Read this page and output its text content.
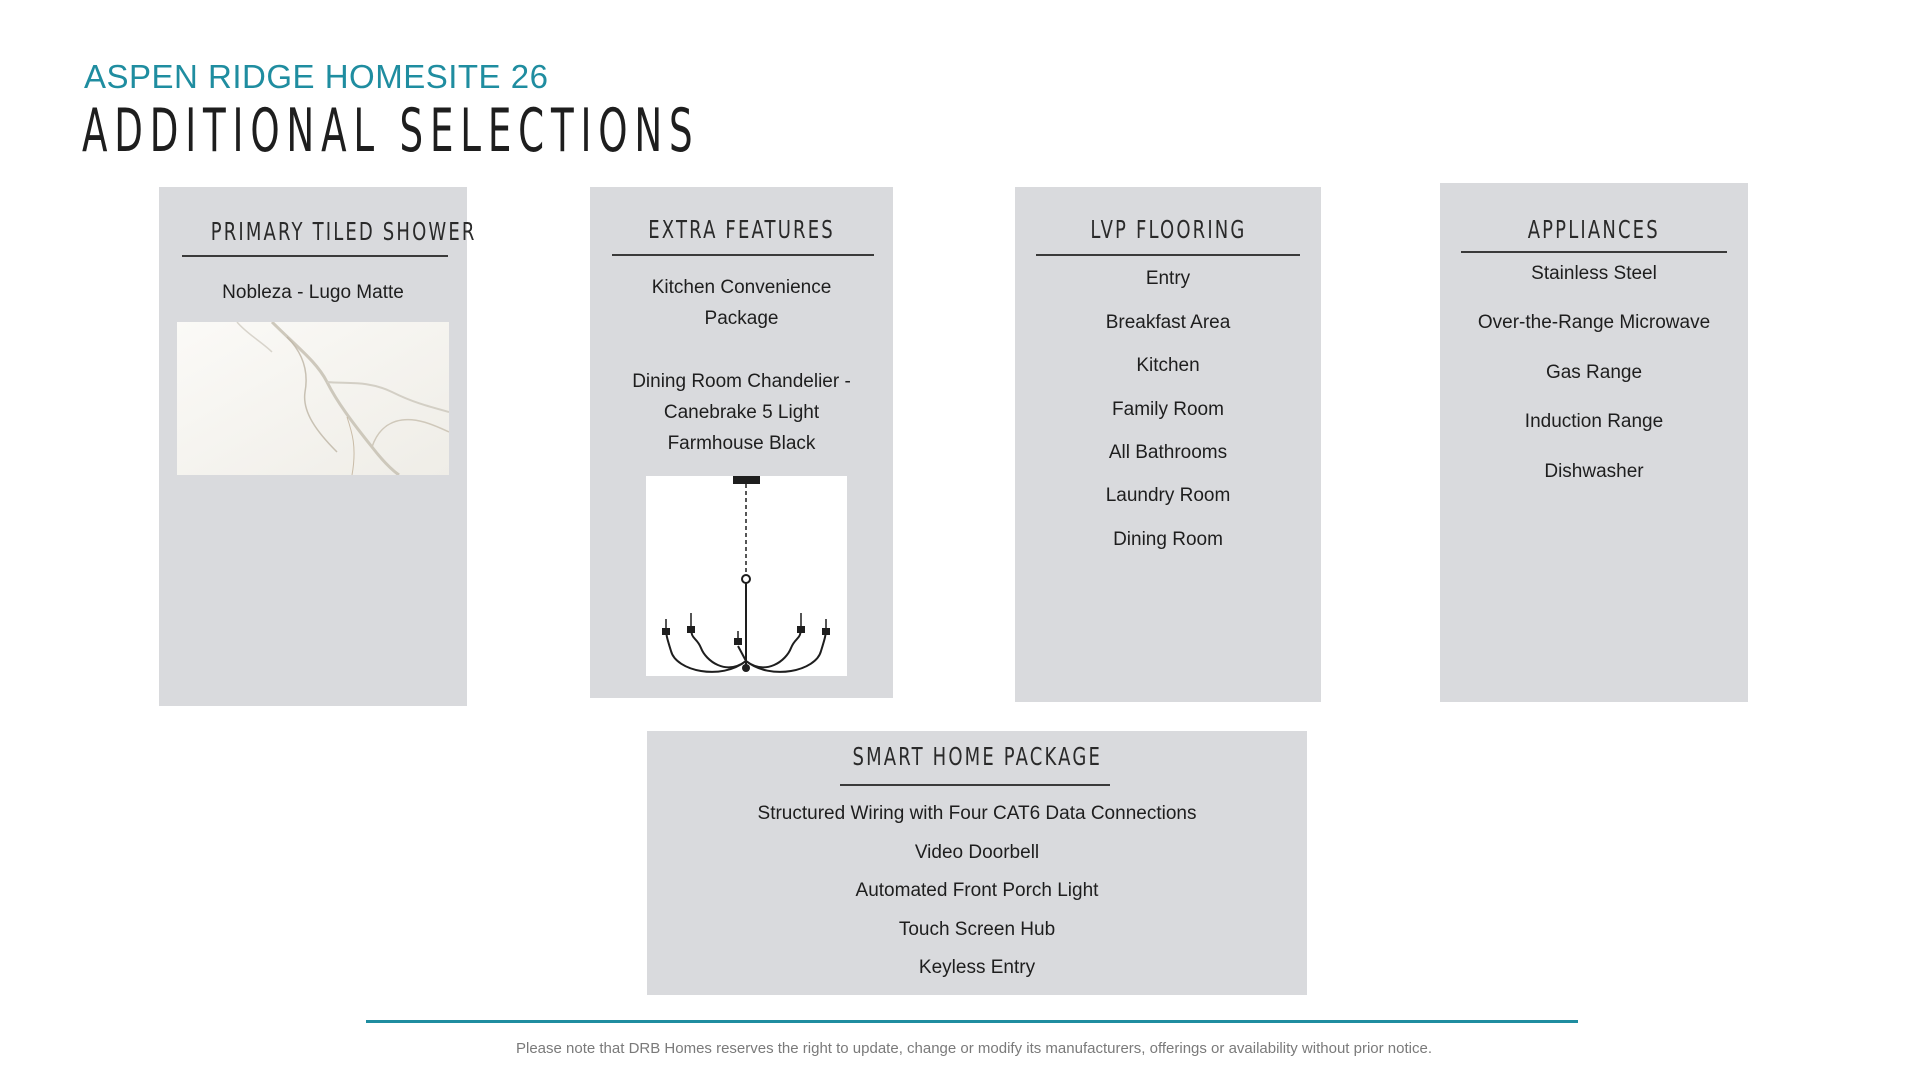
ASPEN RIDGE HOMESITE 26
ADDITIONAL SELECTIONS
PRIMARY TILED SHOWER
Nobleza - Lugo Matte
EXTRA FEATURES
Kitchen Convenience
Package
Dining Room Chandelier -
Canebrake 5 Light
Farmhouse Black
LVP FLOORING
Entry
Breakfast Area
Kitchen
Family Room
All Bathrooms
Laundry Room
Dining Room
APPLIANCES
Stainless Steel
Over-the-Range Microwave
Gas Range
Induction Range
Dishwasher
SMART HOME PACKAGE
Structured Wiring with Four CAT6 Data Connections
Video Doorbell
Automated Front Porch Light
Touch Screen Hub
Keyless Entry
Please note that DRB Homes reserves the right to update, change or modify its manufacturers, offerings or availability without prior notice.
